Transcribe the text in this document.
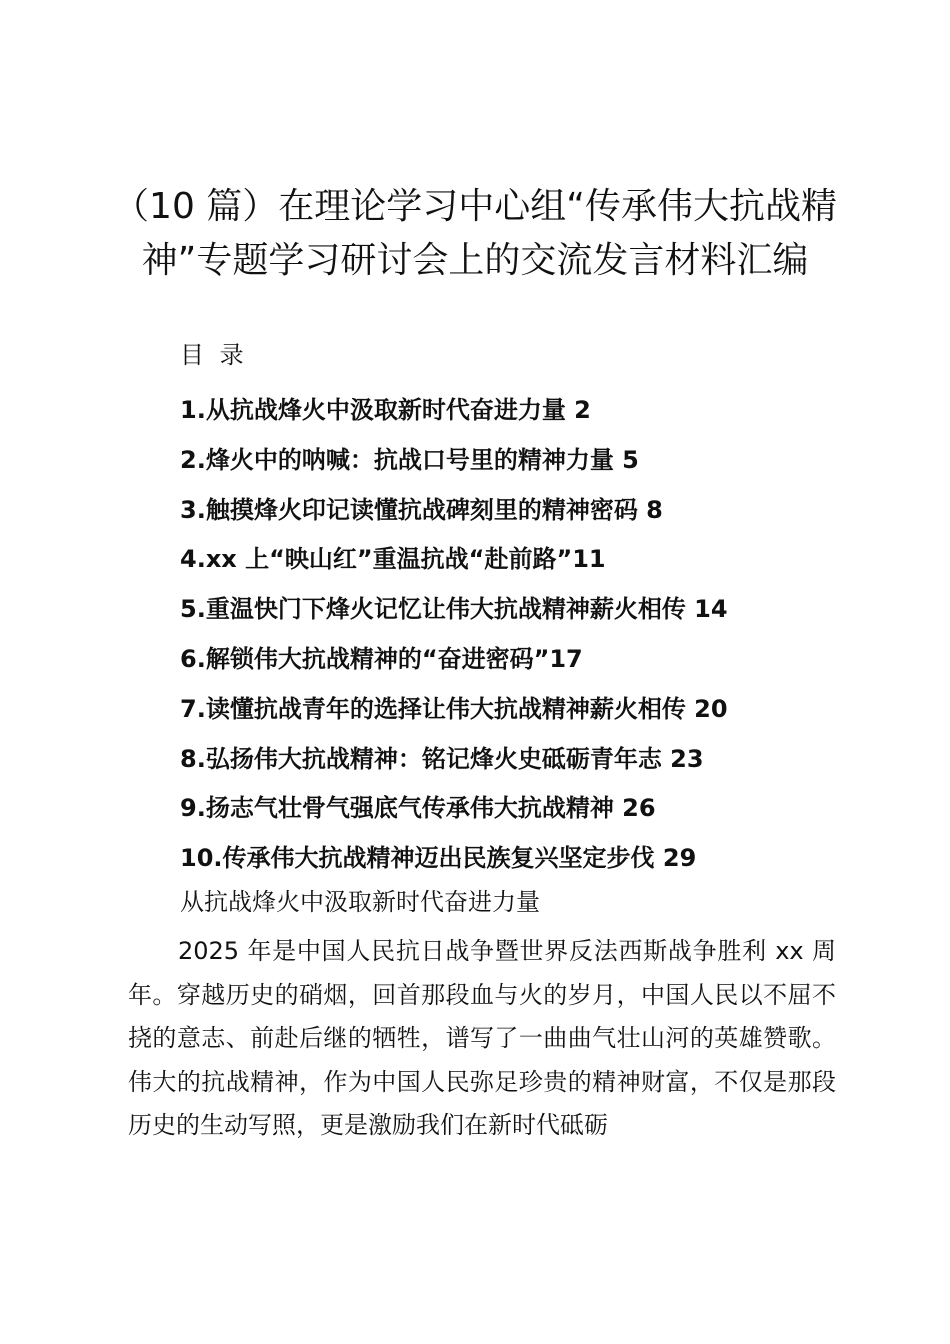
（10 篇）在理论学习中心组“传承伟大抗战精神”专题学习研讨会上的交流发言材料汇编
目 录
1.从抗战烽火中汲取新时代奋进力量 2
2.烽火中的呐喊：抗战口号里的精神力量 5
3.触摸烽火印记读懂抗战碑刻里的精神密码 8
4.xx 上“映山红”重温抗战“赴前路”11
5.重温快门下烽火记忆让伟大抗战精神薪火相传 14
6.解锁伟大抗战精神的“奋进密码”17
7.读懂抗战青年的选择让伟大抗战精神薪火相传 20
8.弘扬伟大抗战精神：铭记烽火史砥砺青年志 23
9.扬志气壮骨气强底气传承伟大抗战精神 26
10.传承伟大抗战精神迈出民族复兴坚定步伐 29
从抗战烽火中汲取新时代奋进力量

2025 年是中国人民抗日战争暨世界反法西斯战争胜利 xx 周年。穿越历史的硝烟，回首那段血与火的岁月，中国人民以不屈不挠的意志、前赴后继的牺牲，谱写了一曲曲气壮山河的英雄赞歌。伟大的抗战精神，作为中国人民弥足珍贵的精神财富，不仅是那段历史的生动写照，更是激励我们在新时代砥砺
